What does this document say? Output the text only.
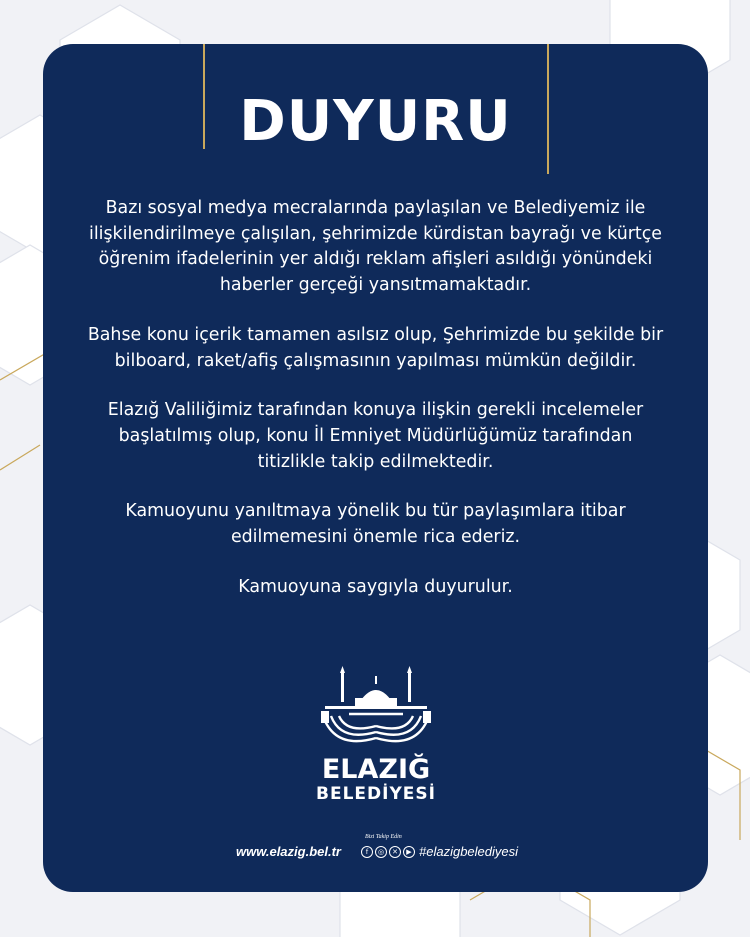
DUYURU

Bazı sosyal medya mecralarında paylaşılan ve Belediyemiz ile ilişkilendirilmeye çalışılan, şehrimizde kürdistan bayrağı ve kürtçe öğrenim ifadelerinin yer aldığı reklam afişleri asıldığı yönündeki haberler gerçeği yansıtmamaktadır.

Bahse konu içerik tamamen asılsız olup, Şehrimizde bu şekilde bir bilboard, raket/afiş çalışmasının yapılması mümkün değildir.

Elazığ Valiliğimiz tarafından konuya ilişkin gerekli incelemeler başlatılmış olup, konu İl Emniyet Müdürlüğümüz tarafından titizlikle takip edilmektedir.

Kamuoyunu yanıltmaya yönelik bu tür paylaşımlara itibar edilmemesini önemle rica ederiz.

Kamuoyuna saygıyla duyurulur.

ELAZIĞ
BELEDİYESİ
www.elazig.bel.tr
Bizi Takip Edin
f	◎	✕	▶ #elazigbelediyesi
